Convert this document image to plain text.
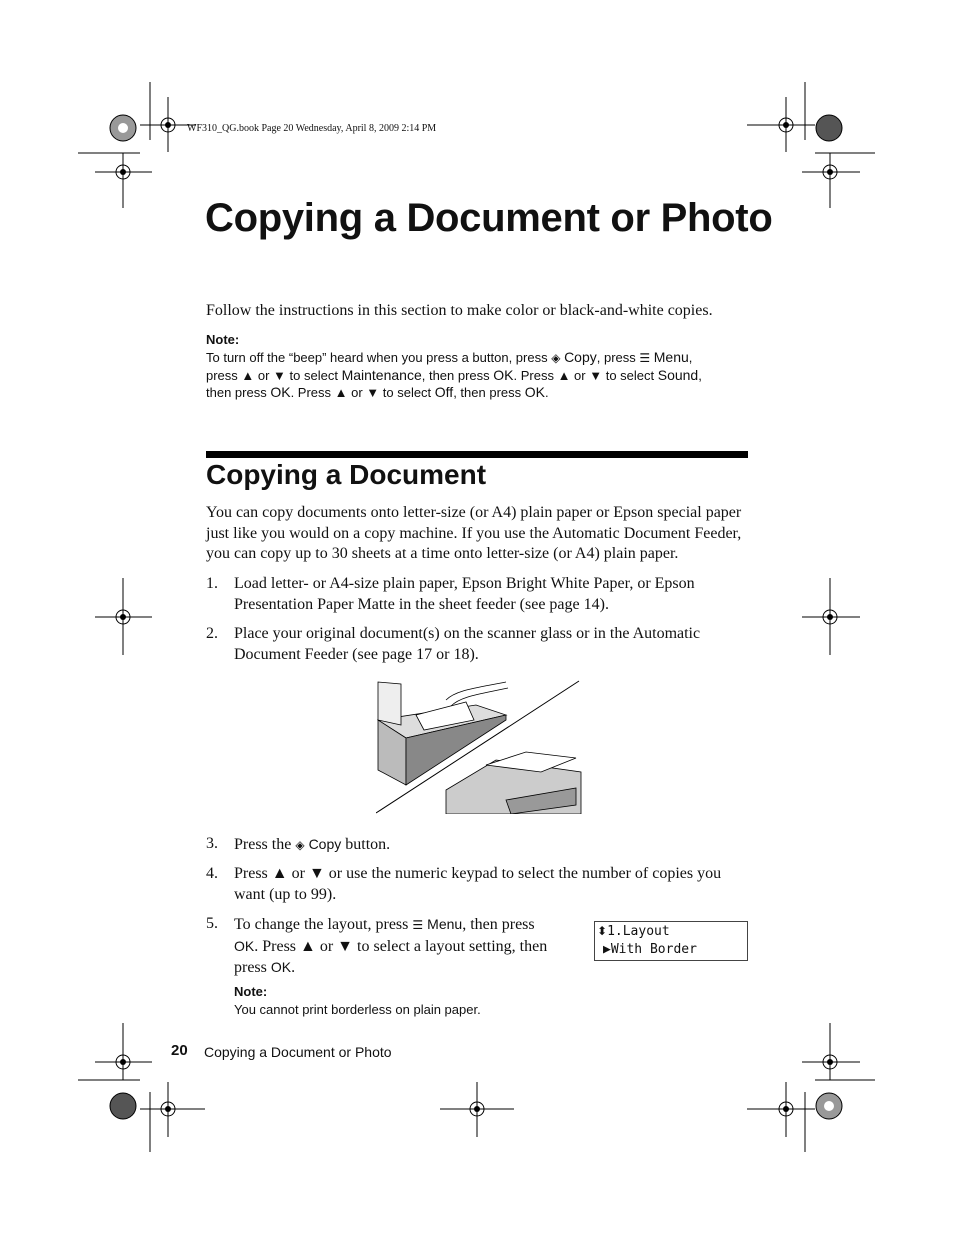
WF310_QG.book Page 20 Wednesday, April 8, 2009 2:14 PM
Copying a Document or Photo
Follow the instructions in this section to make color or black-and-white copies.
Note:
To turn off the “beep” heard when you press a button, press ◈ Copy, press ☰ Menu,
press ▲ or ▼ to select Maintenance, then press OK. Press ▲ or ▼ to select Sound,
then press OK. Press ▲ or ▼ to select Off, then press OK.
Copying a Document
You can copy documents onto letter-size (or A4) plain paper or Epson special paper just like you would on a copy machine. If you use the Automatic Document Feeder, you can copy up to 30 sheets at a time onto letter-size (or A4) plain paper.
1. Load letter- or A4-size plain paper, Epson Bright White Paper, or Epson
Presentation Paper Matte in the sheet feeder (see page 14).
2. Place your original document(s) on the scanner glass or in the Automatic
Document Feeder (see page 17 or 18).
3. Press the ◈ Copy button.
4. Press ▲ or ▼ or use the numeric keypad to select the number of copies you
want (up to 99).
5. To change the layout, press ☰ Menu, then press
OK. Press ▲ or ▼ to select a layout setting, then
press OK.
⬍1.Layout
▶With Border
Note:
You cannot print borderless on plain paper.
20 Copying a Document or Photo
